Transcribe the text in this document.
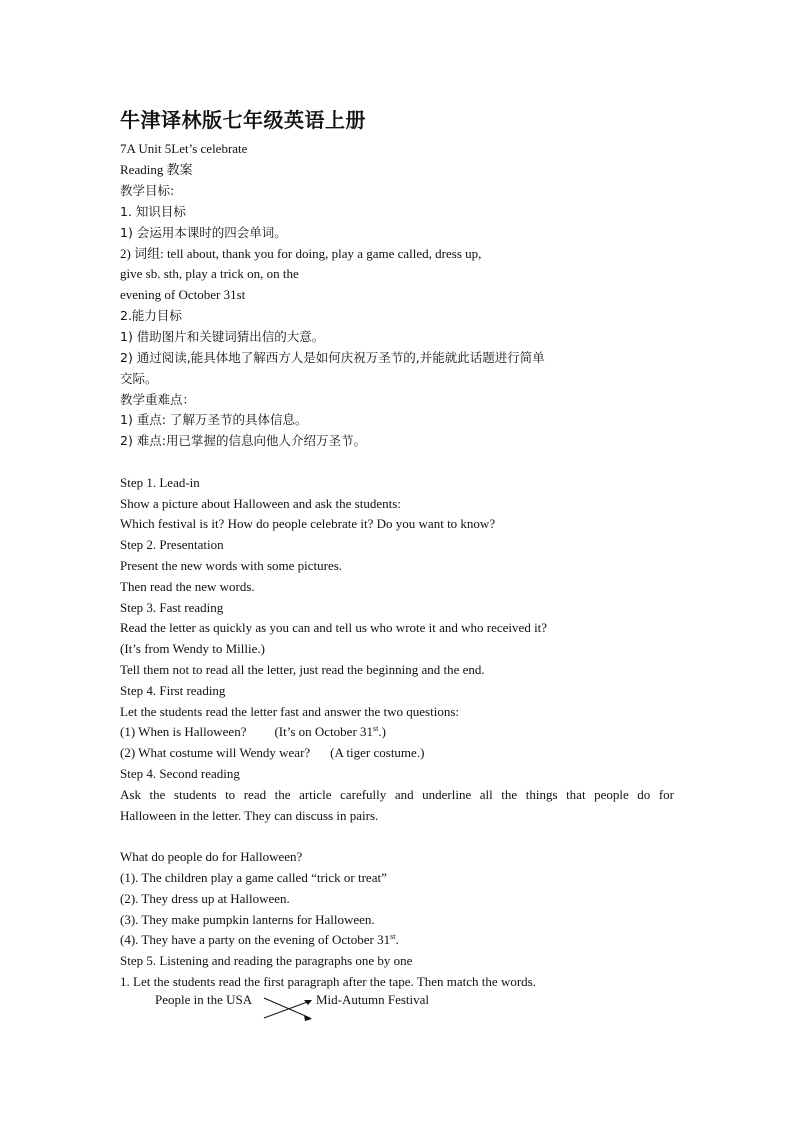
牛津译林版七年级英语上册
7A Unit 5Let’s celebrate
Reading 教案
教学目标:
1. 知识目标
1) 会运用本课时的四会单词。
2) 词组: tell about, thank you for doing, play a game called, dress up,
give sb. sth, play a trick on, on the
evening of October 31st
2.能力目标
1) 借助图片和关键词猜出信的大意。
2) 通过阅读,能具体地了解西方人是如何庆祝万圣节的,并能就此话题进行简单
交际。
教学重难点：
1) 重点: 了解万圣节的具体信息。
2) 难点:用已掌握的信息向他人介绍万圣节。
Step 1. Lead-in
Show a picture about Halloween and ask the students:
Which festival is it? How do people celebrate it? Do you want to know?
Step 2. Presentation
Present the new words with some pictures.
Then read the new words.
Step 3. Fast reading
Read the letter as quickly as you can and tell us who wrote it and who received it?
(It’s from Wendy to Millie.)
Tell them not to read all the letter, just read the beginning and the end.
Step 4. First reading
Let the students read the letter fast and answer the two questions:
(1) When is Halloween? (It’s on October 31st.)
(2) What costume will Wendy wear? (A tiger costume.)
Step 4. Second reading
Ask the students to read the article carefully and underline all the things that people do for
Halloween in the letter. They can discuss in pairs.
What do people do for Halloween?
(1). The children play a game called “trick or treat”
(2). They dress up at Halloween.
(3). They make pumpkin lanterns for Halloween.
(4). They have a party on the evening of October 31st.
Step 5. Listening and reading the paragraphs one by one
1. Let the students read the first paragraph after the tape. Then match the words.
People in the USA	Mid-Autumn Festival
